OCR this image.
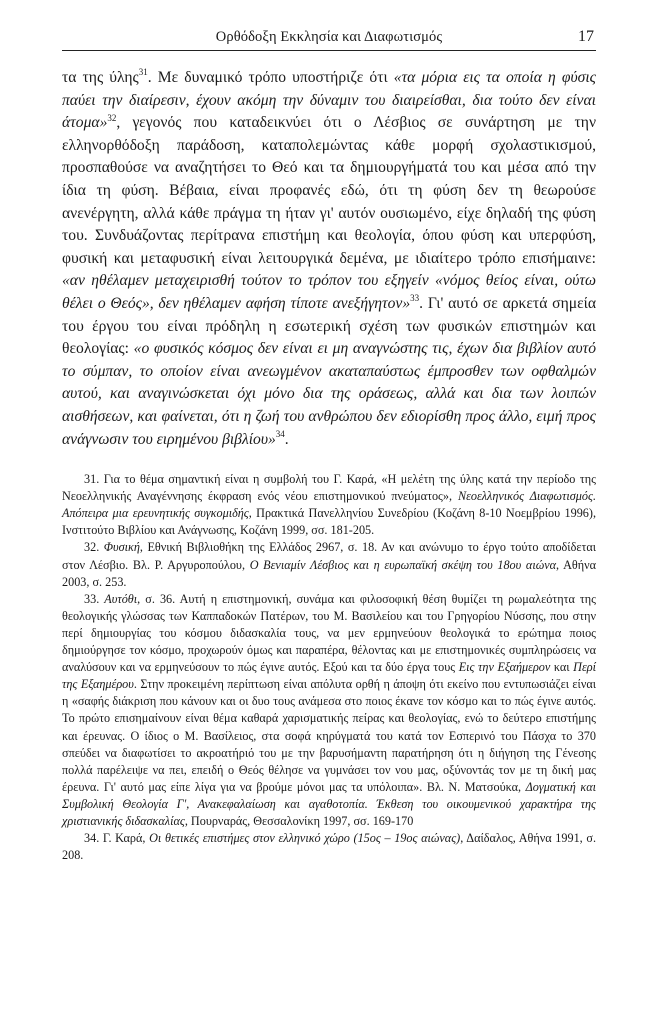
Ορθόδοξη Εκκλησία και Διαφωτισμός	17

τα της ύλης$^{31}$. Με δυναμικό τρόπο υποστήριζε ότι «τα μόρια εις τα οποία η φύσις παύει την διαίρεσιν, έχουν ακόμη την δύναμιν του διαιρείσθαι, δια τούτο δεν είναι άτομα»$^{32}$, γεγονός που καταδεικνύει ότι ο Λέσβιος σε συνάρτηση με την ελληνορθόδοξη παράδοση, καταπολεμώντας κάθε μορφή σχολαστικισμού, προσπαθούσε να αναζητήσει το Θεό και τα δημιουργήματά του και μέσα από την ίδια τη φύση. Βέβαια, είναι προφανές εδώ, ότι τη φύση δεν τη θεωρούσε ανενέργητη, αλλά κάθε πράγμα τη ήταν γι' αυτόν ουσιωμένο, είχε δηλαδή της φύση του. Συνδυάζοντας περίτρανα επιστήμη και θεολογία, όπου φύση και υπερφύση, φυσική και μεταφυσική είναι λειτουργικά δεμένα, με ιδιαίτερο τρόπο επισήμαινε: «αν ηθέλαμεν μεταχειρισθή τούτον το τρόπον του εξηγείν «νόμος θείος είναι, ούτω θέλει ο Θεός», δεν ηθέλαμεν αφήση τίποτε ανεξήγητον»$^{33}$. Γι' αυτό σε αρκετά σημεία του έργου του είναι πρόδηλη η εσωτερική σχέση των φυσικών επιστημών και θεολογίας: «ο φυσικός κόσμος δεν είναι ει μη αναγνώστης τις, έχων δια βιβλίον αυτό το σύμπαν, το οποίον είναι ανεωγμένον ακαταπαύστως έμπροσθεν των οφθαλμών αυτού, και αναγινώσκεται όχι μόνο δια της οράσεως, αλλά και δια των λοιπών αισθήσεων, και φαίνεται, ότι η ζωή του ανθρώπου δεν εδιορίσθη προς άλλο, ειμή προς ανάγνωσιν του ειρημένου βιβλίου»$^{34}$.

31. Για το θέμα σημαντική είναι η συμβολή του Γ. Καρά, «Η μελέτη της ύλης κατά την περίοδο της Νεοελληνικής Αναγέννησης έκφραση ενός νέου επιστημονικού πνεύματος», Νεοελληνικός Διαφωτισμός. Απόπειρα μια ερευνητικής συγκομιδής, Πρακτικά Πανελληνίου Συνεδρίου (Κοζάνη 8-10 Νοεμβρίου 1996), Ινστιτούτο Βιβλίου και Ανάγνωσης, Κοζάνη 1999, σσ. 181-205.

32. Φυσική, Εθνική Βιβλιοθήκη της Ελλάδος 2967, σ. 18. Αν και ανώνυμο το έργο τούτο αποδίδεται στον Λέσβιο. Βλ. Ρ. Αργυροπούλου, Ο Βενιαμίν Λέσβιος και η ευρωπαϊκή σκέψη του 18ου αιώνα, Αθήνα 2003, σ. 253.

33. Αυτόθι, σ. 36. Αυτή η επιστημονική, συνάμα και φιλοσοφική θέση θυμίζει τη ρωμαλεότητα της θεολογικής γλώσσας των Καππαδοκών Πατέρων, του Μ. Βασιλείου και του Γρηγορίου Νύσσης, που στην περί δημιουργίας του κόσμου διδασκαλία τους, να μεν ερμηνεύουν θεολογικά το ερώτημα ποιος δημιούργησε τον κόσμο, προχωρούν όμως και παραπέρα, θέλοντας και με επιστημονικές συμπληρώσεις να αναλύσουν και να ερμηνεύσουν το πώς έγινε αυτός. Εξού και τα δύο έργα τους Εις την Εξαήμερον και Περί της Εξαημέρου. Στην προκειμένη περίπτωση είναι απόλυτα ορθή η άποψη ότι εκείνο που εντυπωσιάζει είναι η «σαφής διάκριση που κάνουν και οι δυο τους ανάμεσα στο ποιος έκανε τον κόσμο και το πώς έγινε αυτός. Το πρώτο επισημαίνουν είναι θέμα καθαρά χαρισματικής πείρας και θεολογίας, ενώ το δεύτερο επιστήμης και έρευνας. Ο ίδιος ο Μ. Βασίλειος, στα σοφά κηρύγματά του κατά τον Εσπερινό του Πάσχα το 370 σπεύδει να διαφωτίσει το ακροατήριό του με την βαρυσήμαντη παρατήρηση ότι η διήγηση της Γένεσης πολλά παρέλειψε να πει, επειδή ο Θεός θέλησε να γυμνάσει τον νου μας, οξύνοντάς τον με τη δική μας έρευνα. Γι' αυτό μας είπε λίγα για να βρούμε μόνοι μας τα υπόλοιπα». Βλ. Ν. Ματσούκα, Δογματική και Συμβολική Θεολογία Γ', Ανακεφαλαίωση και αγαθοτοπία. Έκθεση του οικουμενικού χαρακτήρα της χριστιανικής διδασκαλίας, Πουρναράς, Θεσσαλονίκη 1997, σσ. 169-170

34. Γ. Καρά, Οι θετικές επιστήμες στον ελληνικό χώρο (15ος – 19ος αιώνας), Δαίδαλος, Αθήνα 1991, σ. 208.
